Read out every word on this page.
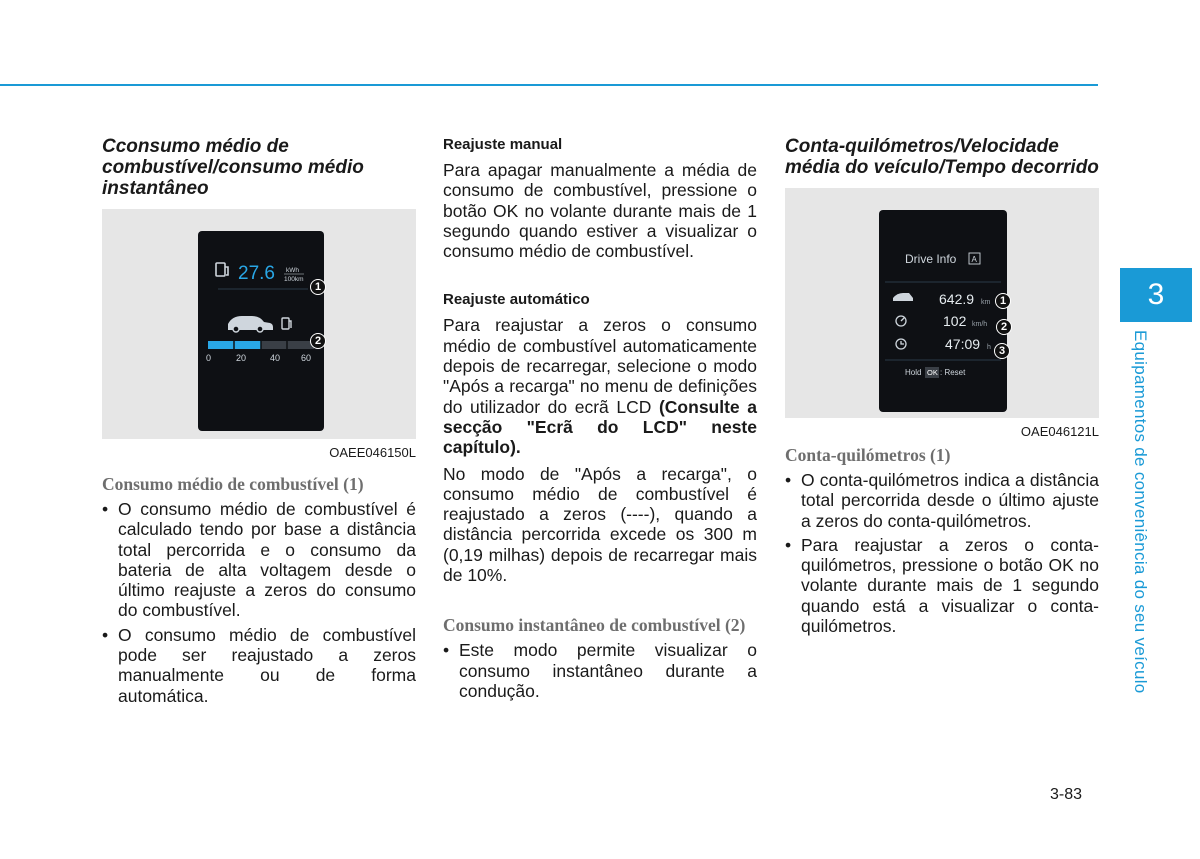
Cconsumo médio de combustível/consumo médio instantâneo
27.6 kWh
100km
0	20	40 60
1
2
OAEE046150L
Consumo médio de combustível (1)
• O consumo médio de combustível é calculado tendo por base a distância total percorrida e o consumo da bateria de alta voltagem desde o último reajuste a zeros do consumo do combustível.
• O consumo médio de combustível pode ser reajustado a zeros manualmente ou de forma automática.
Reajuste manual

Para apagar manualmente a média de consumo de combustível, pressione o botão OK no volante durante mais de 1 segundo quando estiver a visualizar o consumo médio de combustível.

Reajuste automático

Para reajustar a zeros o consumo médio de combustível automaticamente depois de recarregar, selecione o modo "Após a recarga" no menu de definições do utilizador do ecrã LCD (Consulte a secção "Ecrã do LCD" neste capítulo).

No modo de "Após a recarga", o consumo médio de combustível é reajustado a zeros (----), quando a distância percorrida excede os 300 m (0,19 milhas) depois de recarregar mais de 10%.

Consumo instantâneo de combustível (2)
• Este modo permite visualizar o consumo instantâneo durante a condução.
Conta-quilómetros/Velocidade média do veículo/Tempo decorrido
Drive Info A
642.9 km
102 km/h
47:09 h
Hold OK : Reset
1
2
3
OAE046121L
Conta-quilómetros (1)
• O conta-quilómetros indica a distância total percorrida desde o último ajuste a zeros do conta-quilómetros.
• Para reajustar a zeros o conta-quilómetros, pressione o botão OK no volante durante mais de 1 segundo quando está a visualizar o conta-quilómetros.
3
Equipamentos de conveniência do seu veículo
3-83
